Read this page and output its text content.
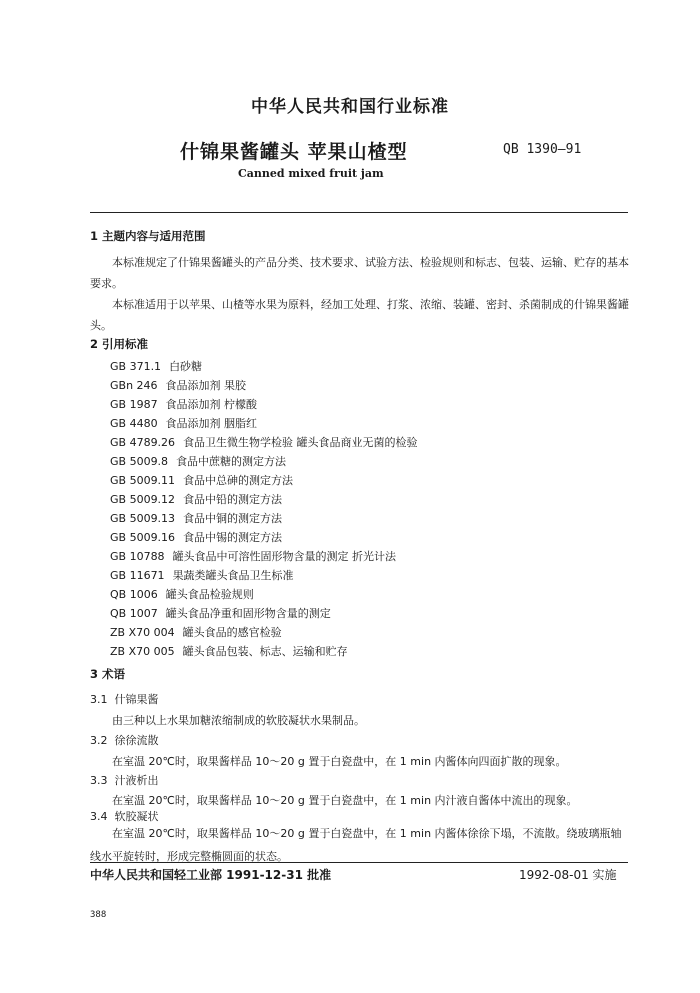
中华人民共和国行业标准
什锦果酱罐头 苹果山楂型	QB 1390—91
Canned mixed fruit jam
1 主题内容与适用范围
本标准规定了什锦果酱罐头的产品分类、技术要求、试验方法、检验规则和标志、包装、运输、贮存的基本要求。
本标准适用于以苹果、山楂等水果为原料，经加工处理、打浆、浓缩、装罐、密封、杀菌制成的什锦果酱罐头。
2 引用标准
GB 371.1 白砂糖
GBn 246 食品添加剂 果胶
GB 1987 食品添加剂 柠檬酸
GB 4480 食品添加剂 胭脂红
GB 4789.26 食品卫生微生物学检验 罐头食品商业无菌的检验
GB 5009.8 食品中蔗糖的测定方法
GB 5009.11 食品中总砷的测定方法
GB 5009.12 食品中铅的测定方法
GB 5009.13 食品中铜的测定方法
GB 5009.16 食品中锡的测定方法
GB 10788 罐头食品中可溶性固形物含量的测定 折光计法
GB 11671 果蔬类罐头食品卫生标准
QB 1006 罐头食品检验规则
QB 1007 罐头食品净重和固形物含量的测定
ZB X70 004 罐头食品的感官检验
ZB X70 005 罐头食品包装、标志、运输和贮存
3 术语
3.1 什锦果酱
由三种以上水果加糖浓缩制成的软胶凝状水果制品。
3.2 徐徐流散
在室温 20℃时，取果酱样品 10～20 g 置于白瓷盘中，在 1 min 内酱体向四面扩散的现象。
3.3 汁液析出
在室温 20℃时，取果酱样品 10～20 g 置于白瓷盘中，在 1 min 内汁液自酱体中流出的现象。
3.4 软胶凝状
在室温 20℃时，取果酱样品 10～20 g 置于白瓷盘中，在 1 min 内酱体徐徐下塌，不流散。绕玻璃瓶轴线水平旋转时，形成完整椭圆面的状态。
中华人民共和国轻工业部 1991-12-31 批准	1992-08-01 实施
388
